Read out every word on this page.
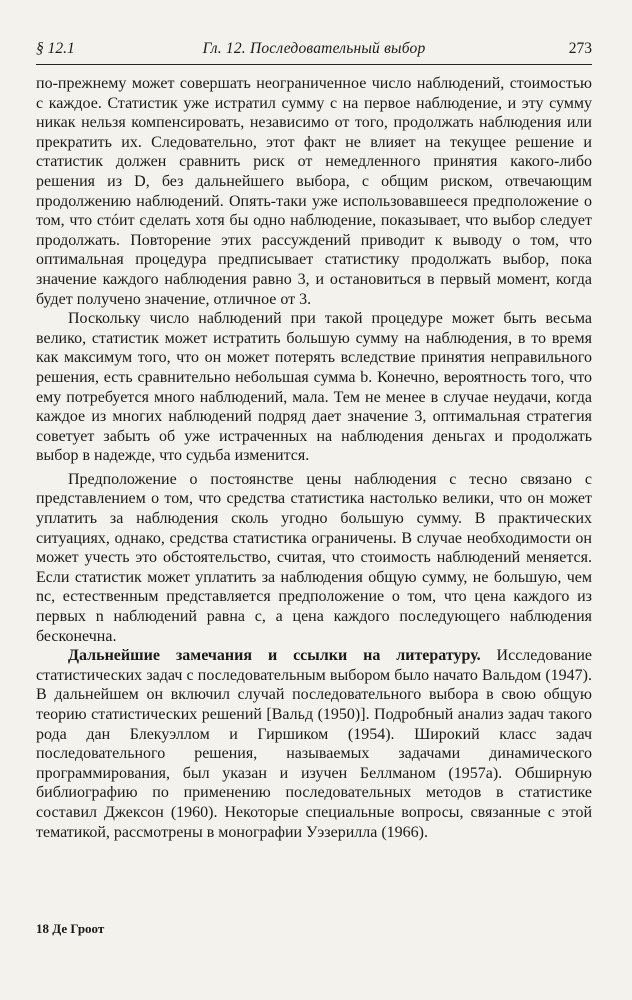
§ 12.1	Гл. 12. Последовательный выбор	273

по-прежнему может совершать неограниченное число наблюдений, стоимостью c каждое. Статистик уже истратил сумму c на первое наблюдение, и эту сумму никак нельзя компенсировать, независимо от того, продолжать наблюдения или прекратить их. Следовательно, этот факт не влияет на текущее решение и статистик должен сравнить риск от немедленного принятия какого-либо решения из D, без дальнейшего выбора, с общим риском, отвечающим продолжению наблюдений. Опять-таки уже использовавшееся предположение о том, что стóит сделать хотя бы одно наблюдение, показывает, что выбор следует продолжать. Повторение этих рассуждений приводит к выводу о том, что оптимальная процедура предписывает статистику продолжать выбор, пока значение каждого наблюдения равно 3, и остановиться в первый момент, когда будет получено значение, отличное от 3.

Поскольку число наблюдений при такой процедуре может быть весьма велико, статистик может истратить большую сумму на наблюдения, в то время как максимум того, что он может потерять вследствие принятия неправильного решения, есть сравнительно небольшая сумма b. Конечно, вероятность того, что ему потребуется много наблюдений, мала. Тем не менее в случае неудачи, когда каждое из многих наблюдений подряд дает значение 3, оптимальная стратегия советует забыть об уже истраченных на наблюдения деньгах и продолжать выбор в надежде, что судьба изменится.

Предположение о постоянстве цены наблюдения c тесно связано с представлением о том, что средства статистика настолько велики, что он может уплатить за наблюдения сколь угодно большую сумму. В практических ситуациях, однако, средства статистика ограничены. В случае необходимости он может учесть это обстоятельство, считая, что стоимость наблюдений меняется. Если статистик может уплатить за наблюдения общую сумму, не большую, чем nc, естественным представляется предположение о том, что цена каждого из первых n наблюдений равна c, а цена каждого последующего наблюдения бесконечна.

Дальнейшие замечания и ссылки на литературу. Исследование статистических задач с последовательным выбором было начато Вальдом (1947). В дальнейшем он включил случай последовательного выбора в свою общую теорию статистических решений [Вальд (1950)]. Подробный анализ задач такого рода дан Блекуэллом и Гиршиком (1954). Широкий класс задач последовательного решения, называемых задачами динамического программирования, был указан и изучен Беллманом (1957a). Обширную библиографию по применению последовательных методов в статистике составил Джексон (1960). Некоторые специальные вопросы, связанные с этой тематикой, рассмотрены в монографии Уэзерилла (1966).

18 Де Гроот
